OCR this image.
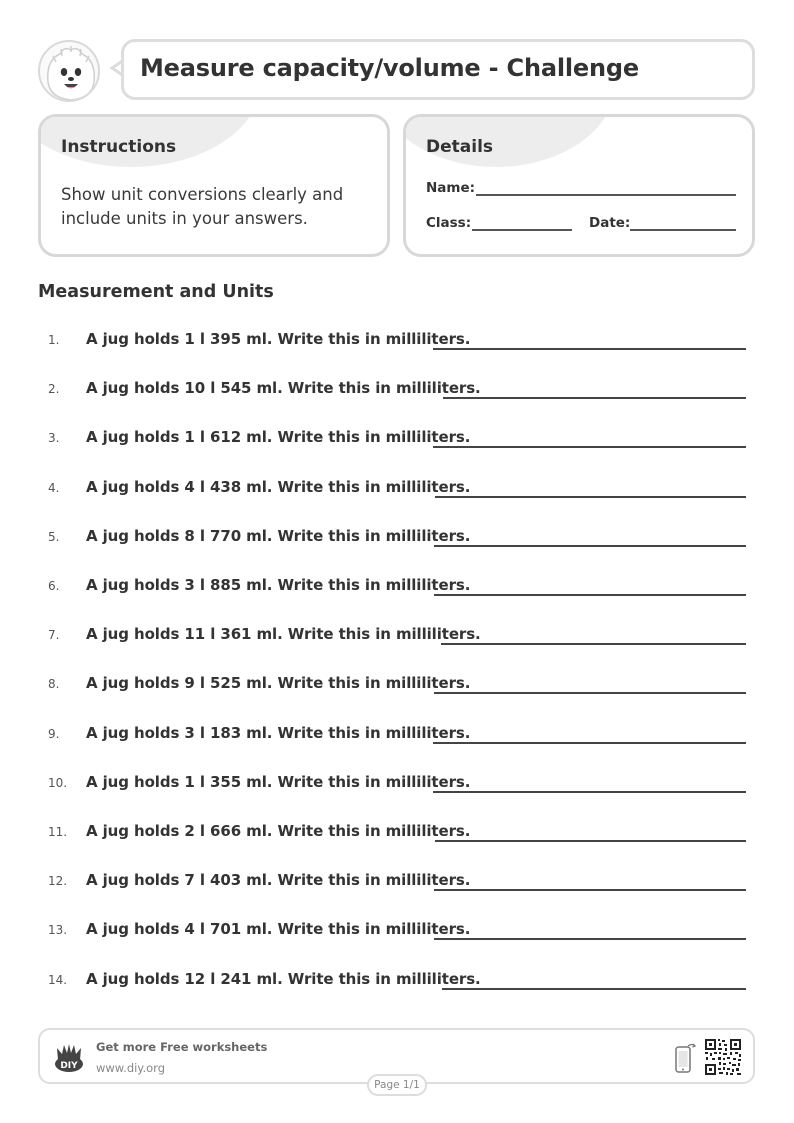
Measure capacity/volume - Challenge
Instructions
Show unit conversions clearly and include units in your answers.
Details
Name:
Class:	Date:
Measurement and Units
1. A jug holds 1 l 395 ml. Write this in milliliters.
2. A jug holds 10 l 545 ml. Write this in milliliters.
3. A jug holds 1 l 612 ml. Write this in milliliters.
4. A jug holds 4 l 438 ml. Write this in milliliters.
5. A jug holds 8 l 770 ml. Write this in milliliters.
6. A jug holds 3 l 885 ml. Write this in milliliters.
7. A jug holds 11 l 361 ml. Write this in milliliters.
8. A jug holds 9 l 525 ml. Write this in milliliters.
9. A jug holds 3 l 183 ml. Write this in milliliters.
10. A jug holds 1 l 355 ml. Write this in milliliters.
11. A jug holds 2 l 666 ml. Write this in milliliters.
12. A jug holds 7 l 403 ml. Write this in milliliters.
13. A jug holds 4 l 701 ml. Write this in milliliters.
14. A jug holds 12 l 241 ml. Write this in milliliters.
DIY
Get more Free worksheets
www.diy.org
Page 1/1
